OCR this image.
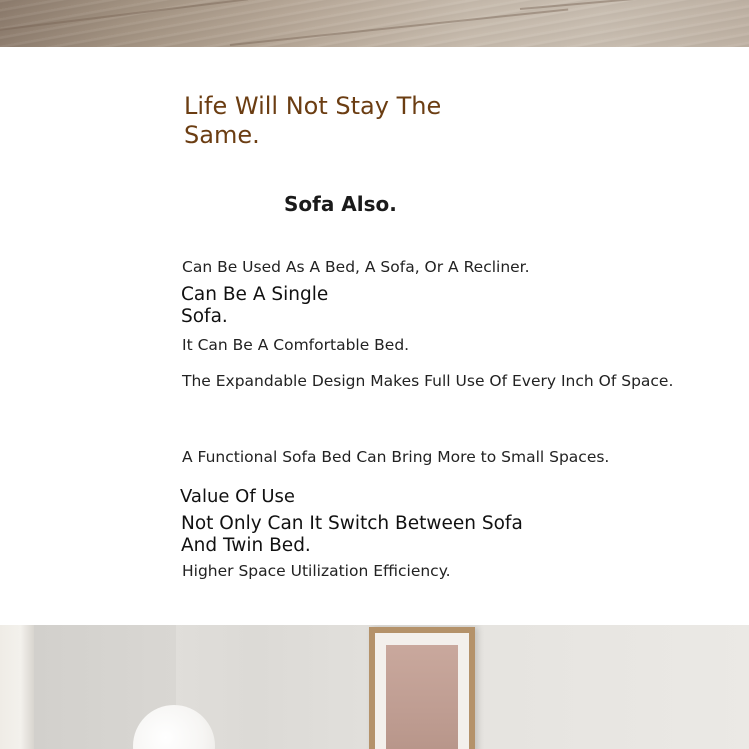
Life Will Not Stay The Same.
Sofa Also.

Can Be Used As A Bed, A Sofa, Or A Recliner.

Can Be A Single Sofa.

It Can Be A Comfortable Bed.

The Expandable Design Makes Full Use Of Every Inch Of Space.

A Functional Sofa Bed Can Bring More to Small Spaces.

Value Of Use

Not Only Can It Switch Between Sofa And Twin Bed.

Higher Space Utilization Efficiency.
